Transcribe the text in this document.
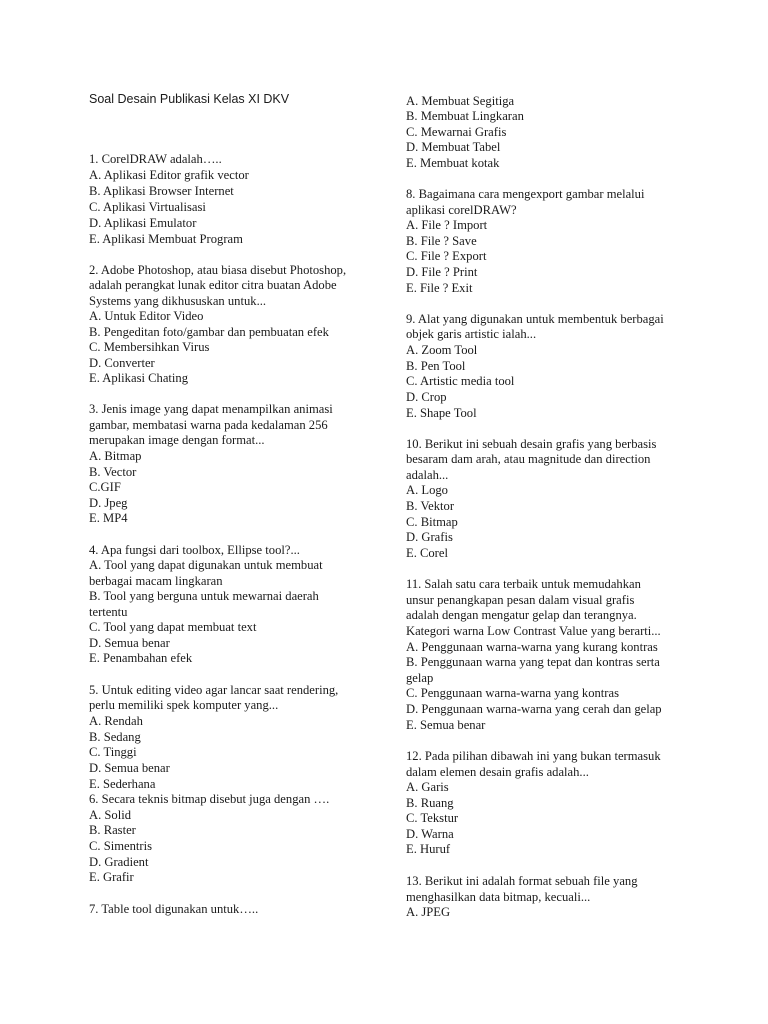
Soal Desain Publikasi Kelas XI DKV
1. CorelDRAW adalah…..
A. Aplikasi Editor grafik vector
B. Aplikasi Browser Internet
C. Aplikasi Virtualisasi
D. Aplikasi Emulator
E. Aplikasi Membuat Program
2. Adobe Photoshop, atau biasa disebut Photoshop,
adalah perangkat lunak editor citra buatan Adobe
Systems yang dikhususkan untuk...
A. Untuk Editor Video
B. Pengeditan foto/gambar dan pembuatan efek
C. Membersihkan Virus
D. Converter
E. Aplikasi Chating
3. Jenis image yang dapat menampilkan animasi
gambar, membatasi warna pada kedalaman 256
merupakan image dengan format...
A. Bitmap
B. Vector
C.GIF
D. Jpeg
E. MP4
4. Apa fungsi dari toolbox, Ellipse tool?...
A. Tool yang dapat digunakan untuk membuat
berbagai macam lingkaran
B. Tool yang berguna untuk mewarnai daerah
tertentu
C. Tool yang dapat membuat text
D. Semua benar
E. Penambahan efek
5. Untuk editing video agar lancar saat rendering,
perlu memiliki spek komputer yang...
A. Rendah
B. Sedang
C. Tinggi
D. Semua benar
E. Sederhana
6. Secara teknis bitmap disebut juga dengan ….
A. Solid
B. Raster
C. Simentris
D. Gradient
E. Grafir
7. Table tool digunakan untuk…..
A. Membuat Segitiga
B. Membuat Lingkaran
C. Mewarnai Grafis
D. Membuat Tabel
E. Membuat kotak
8. Bagaimana cara mengexport gambar melalui
aplikasi corelDRAW?
A. File ? Import
B. File ? Save
C. File ? Export
D. File ? Print
E. File ? Exit
9. Alat yang digunakan untuk membentuk berbagai
objek garis artistic ialah...
A. Zoom Tool
B. Pen Tool
C. Artistic media tool
D. Crop
E. Shape Tool
10. Berikut ini sebuah desain grafis yang berbasis
besaram dam arah, atau magnitude dan direction
adalah...
A. Logo
B. Vektor
C. Bitmap
D. Grafis
E. Corel
11. Salah satu cara terbaik untuk memudahkan
unsur penangkapan pesan dalam visual grafis
adalah dengan mengatur gelap dan terangnya.
Kategori warna Low Contrast Value yang berarti...
A. Penggunaan warna-warna yang kurang kontras
B. Penggunaan warna yang tepat dan kontras serta
gelap
C. Penggunaan warna-warna yang kontras
D. Penggunaan warna-warna yang cerah dan gelap
E. Semua benar
12. Pada pilihan dibawah ini yang bukan termasuk
dalam elemen desain grafis adalah...
A. Garis
B. Ruang
C. Tekstur
D. Warna
E. Huruf
13. Berikut ini adalah format sebuah file yang
menghasilkan data bitmap, kecuali...
A. JPEG
